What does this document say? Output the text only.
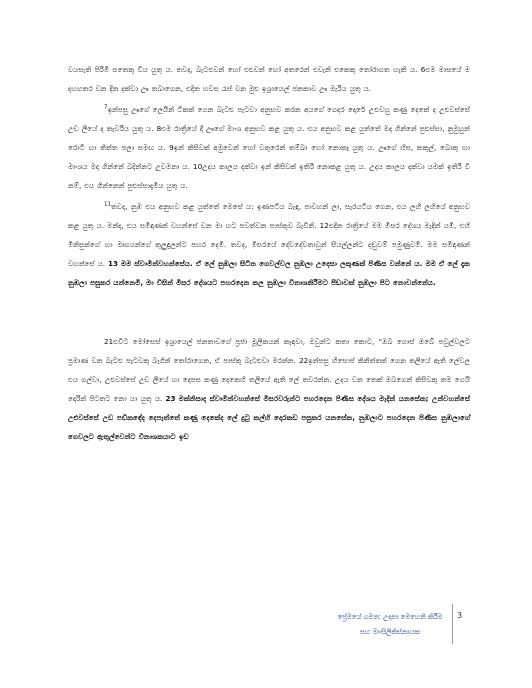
වයසැති පිරිමි සතෙකු විය යුතු ය. තවද, බැටළුවන් හෝ එළුවන් හෝ අතරෙන් එවැනි එකෙකු තෝරාගත හැකි ය. 6එම මාසයේ ම දහහතර වන දින දක්වා ඌ තබාගෙන, එදින හවස රැස් වන මුළු ඉශ්‍රායෙල් ජනකාව ඌ මැරිය යුතු ය.

$^7$ඉන්පසු ඌගේ ලෙයින් ටිකක් ගෙන බැටළු පැටවා අනුභව කරන අයගේ ගෙදර දොරේ උළුවහු කණු දෙකේ ද උළුවස්සේ උඩ ලීයේ ද තැවරිය යුතු ය. 8එම රාත්‍රියේ දී ඌගේ මාංශ අනුභව කළ යුතු ය. එය අනුභව කළ යුත්තේ මද ගින්නේ පුළුස්සා, නුමුහුන් රොටි හා තිත්ත පලා සමඟ ය. 9ඉන් කිසිවක් අමුවෙන් හෝ වතුරෙන් තම්බා හෝ නොකෑ යුතු ය. ඌගේ හිස, කකුල්, බොකු හා මාංශය මද ගින්නේ බදින්නට උවමනා ය. 10උදය කාලය දක්වා ඉන් කිසිවක් ඉතිරි නොකළ යුතු ය. උදය කාලය දක්වා යමක් ඉතිරි වී නම්, එය ගින්නෙන් පුළුස්සාදැමිය යුතු ය.

$^{11}$තවද, නුඹ එය අනුභව කළ යුත්තේ මෙසේ ය: ඉණපටිය බැඳ, පාවහන් ලා, සැරයටිය ගෙන, එය ලහි ලහියේ අනුභව කළ යුතු ය. මන්ද, එය සමිඳාණන් වහන්සේ වන මා හට පවත්වන පාස්කුව බැවිනි. 12එදින රාත්‍රියේ මම මිසර දේශය මැදින් යමි, එහි මිනිසුන්ගේ හා මෘගයන්ගේ කුලුඳුලන්ට පහර දෙමි. තවද, මිසරයේ දේවදේවතාවුන් සියල්ලන්ට දඬුවම් පමුණුවමි. මම සමිඳාණන් වහන්සේ ය. 13 මම ස්වාමීන්වහන්සේය. ඒ ලේ නුඹලා සිටින ගෙවල්වල නුඹලා උදෙසා ලකුණක් පිණිස වන්නේ ය. මම ඒ ලේ දැක නුඹලා පසුකර යන්නෙමි, මා විසින් මිසර දේශයට පහරදෙන කල නුඹලා විනාශකිරීමට පීඩාවක් නුඹලා පිට නොවන්නේය.

21එවිට මෝසෙස් ඉශ්‍රායෙල් ජනතාවගේ ප්‍රජා මූලිකයන් කැඳවා, ඔවුන්ට කතා කොට, "ඔබ ගොස් ඔබේ පවුල්වලට ප්‍රමාණ වන බැටළු පැටවකු බැගින් තෝරාගෙන, ඒ පාස්කු බැටළුවා මරන්න. 22ඉන්පසු හිසොප් කිනිත්තක් ගෙන තලියේ ඇති ලේවල එය ගල්වා, උළුවස්සේ උඩ ලීයේ හා දෙපස කණු දෙකෙහි තලියේ ඇති ලේ තවරන්න. උදය වන තෙක් ඔබගෙන් කිසිවකු තම ගෙයි දොරින් පිටතට නො යා යුතු ය. 23 මක්නිසාද ස්වාමීන්වහන්සේ මිසරවරුන්ට පහරදෙන පිණිස දේශය මැදින් යනසේක; උන්වහන්සේ උළුවස්සේ උඩ පඩිකඳේද දෙපැත්තේ කණු දෙකේද ලේ දුටු කල්හි දොරකඩ පසුකර යනසේක, නුඹලාට පහරදෙන පිණිස නුඹලාගේ ගෙවලට ඇතුල්වෙන්ට විනාශකයාට ඉඩ

ප්‍රේමයේ ගමන: උදාසා මෙහෙනි කිරීම
සහ මාංසිලිකිස්නායක
3
